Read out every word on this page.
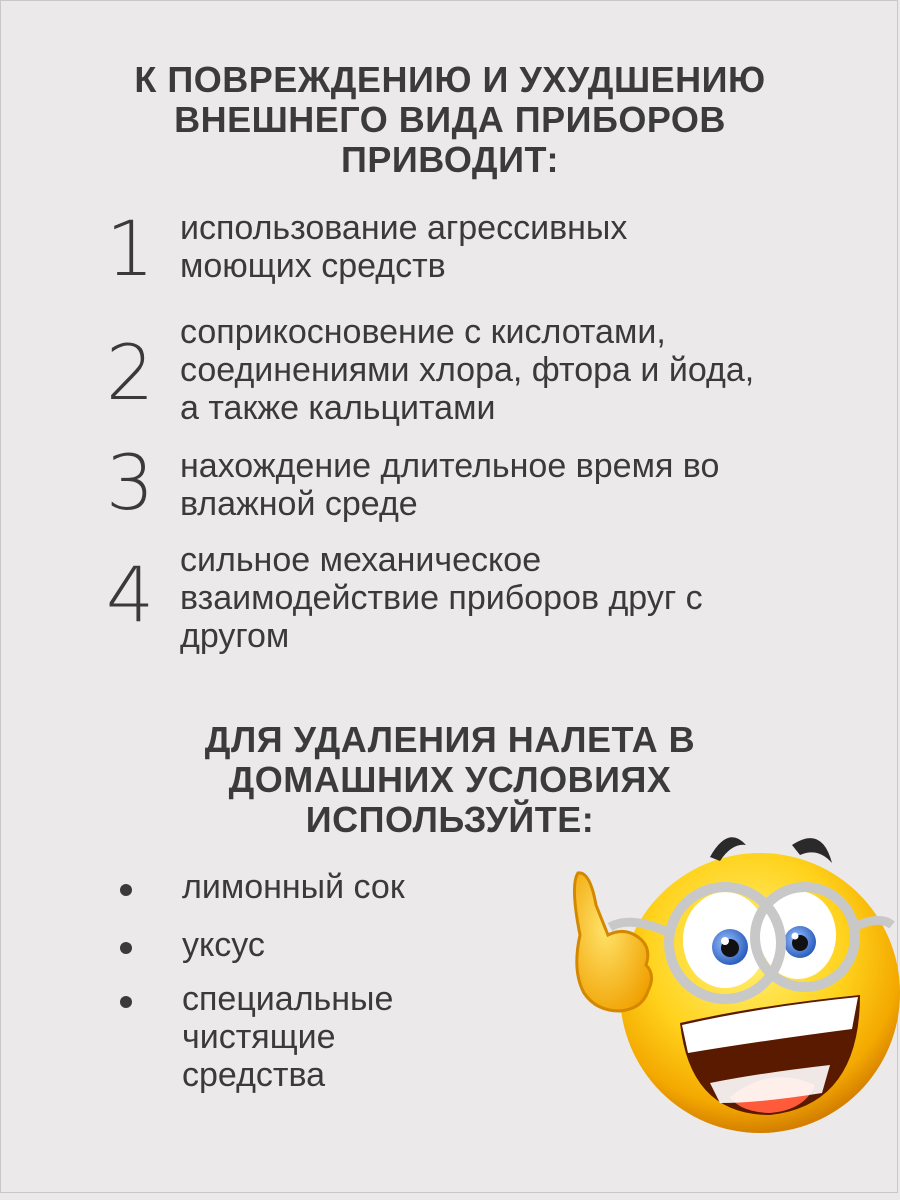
К ПОВРЕЖДЕНИЮ И УХУДШЕНИЮ
ВНЕШНЕГО ВИДА ПРИБОРОВ
ПРИВОДИТ:
1 использование агрессивных
моющих средств
2 соприкосновение с кислотами,
соединениями хлора, фтора и йода,
а также кальцитами
3 нахождение длительное время во
влажной среде
4 сильное механическое
взаимодействие приборов друг с
другом
ДЛЯ УДАЛЕНИЯ НАЛЕТА В
ДОМАШНИХ УСЛОВИЯХ
ИСПОЛЬЗУЙТЕ:
лимонный сок
уксус
специальные
чистящие
средства
